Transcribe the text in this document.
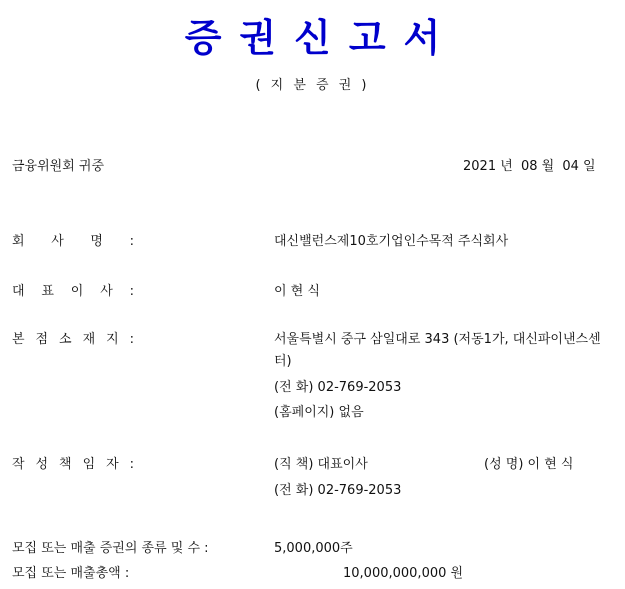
증권신고서
( 지 분 증 권 )
금융위원회 귀중	2021 년 08 월 04 일
회 사 명 :	대신밸런스제10호기업인수목적 주식회사
대 표 이 사 :	이 현 식
본 점 소 재 지 :	서울특별시 중구 삼일대로 343 (저동1가, 대신파이낸스센터)
(전 화) 02-769-2053
(홈페이지) 없음
작 성 책 임 자 :	(직 책) 대표이사	(성 명) 이 현 식
(전 화) 02-769-2053
모집 또는 매출 증권의 종류 및 수 :	5,000,000주
모집 또는 매출총액 :	10,000,000,000 원
